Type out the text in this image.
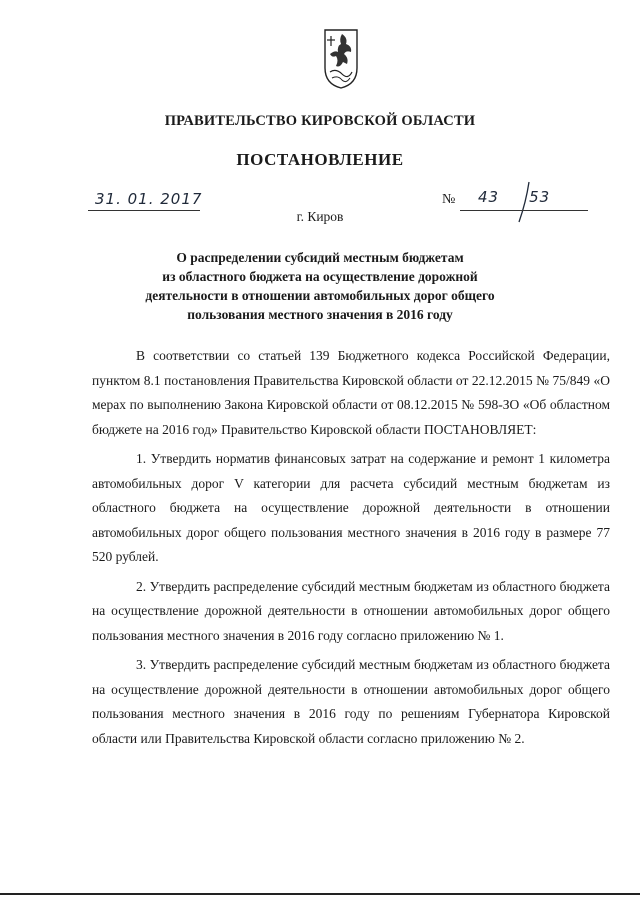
ПРАВИТЕЛЬСТВО КИРОВСКОЙ ОБЛАСТИ
ПОСТАНОВЛЕНИЕ
31. 01. 2017	№ 43 53
г. Киров
О распределении субсидий местным бюджетам
из областного бюджета на осуществление дорожной
деятельности в отношении автомобильных дорог общего
пользования местного значения в 2016 году

В соответствии со статьей 139 Бюджетного кодекса Российской Федерации, пунктом 8.1 постановления Правительства Кировской области от 22.12.2015 № 75/849 «О мерах по выполнению Закона Кировской области от 08.12.2015 № 598-ЗО «Об областном бюджете на 2016 год» Правительство Кировской области ПОСТАНОВЛЯЕТ:

1. Утвердить норматив финансовых затрат на содержание и ремонт 1 километра автомобильных дорог V категории для расчета субсидий местным бюджетам из областного бюджета на осуществление дорожной деятельности в отношении автомобильных дорог общего пользования местного значения в 2016 году в размере 77 520 рублей.

2. Утвердить распределение субсидий местным бюджетам из областного бюджета на осуществление дорожной деятельности в отношении автомобильных дорог общего пользования местного значения в 2016 году согласно приложению № 1.

3. Утвердить распределение субсидий местным бюджетам из областного бюджета на осуществление дорожной деятельности в отношении автомобильных дорог общего пользования местного значения в 2016 году по решениям Губернатора Кировской области или Правительства Кировской области согласно приложению № 2.
